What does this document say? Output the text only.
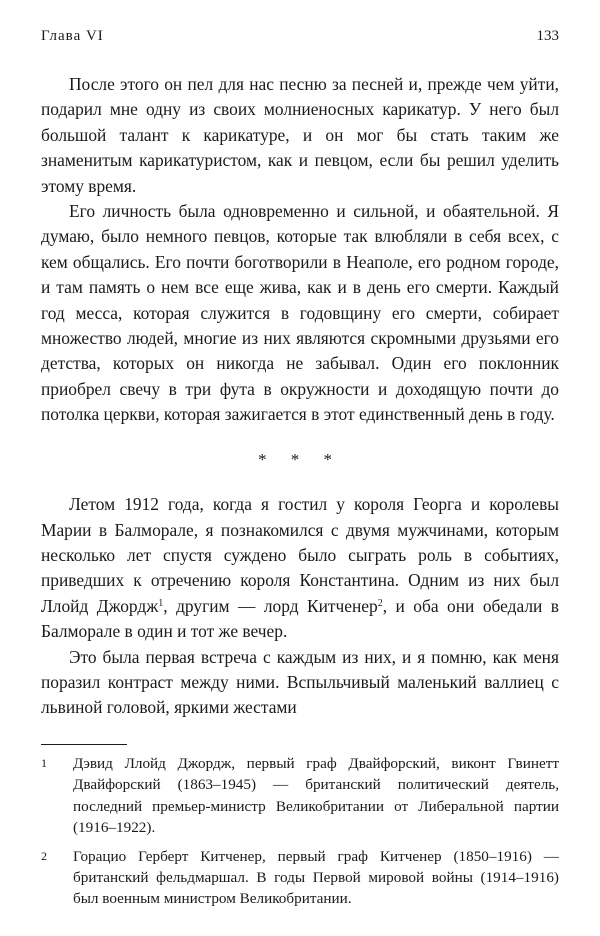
Глава VI	133

После этого он пел для нас песню за песней и, прежде чем уйти, подарил мне одну из своих молниеносных карикатур. У него был большой талант к карикатуре, и он мог бы стать таким же знаменитым карикатуристом, как и певцом, если бы решил уделить этому время.

Его личность была одновременно и сильной, и обаятельной. Я думаю, было немного певцов, которые так влюбляли в себя всех, с кем общались. Его почти боготворили в Неаполе, его родном городе, и там память о нем все еще жива, как и в день его смерти. Каждый год месса, которая служится в годовщину его смерти, собирает множество людей, многие из них являются скромными друзьями его детства, которых он никогда не забывал. Один его поклонник приобрел свечу в три фута в окружности и доходящую почти до потолка церкви, которая зажигается в этот единственный день в году.

* * *

Летом 1912 года, когда я гостил у короля Георга и королевы Марии в Балморале, я познакомился с двумя мужчинами, которым несколько лет спустя суждено было сыграть роль в событиях, приведших к отречению короля Константина. Одним из них был Ллойд Джордж$^1$, другим — лорд Китченер$^2$, и оба они обедали в Балморале в один и тот же вечер.

Это была первая встреча с каждым из них, и я помню, как меня поразил контраст между ними. Вспыльчивый маленький валлиец с львиной головой, яркими жестами

1 Дэвид Ллойд Джордж, первый граф Двайфорский, виконт Гвинетт Двайфорский (1863–1945) — британский политический деятель, последний премьер-министр Великобритании от Либеральной партии (1916–1922).
2 Горацио Герберт Китченер, первый граф Китченер (1850–1916) — британский фельдмаршал. В годы Первой мировой войны (1914–1916) был военным министром Великобритании.
